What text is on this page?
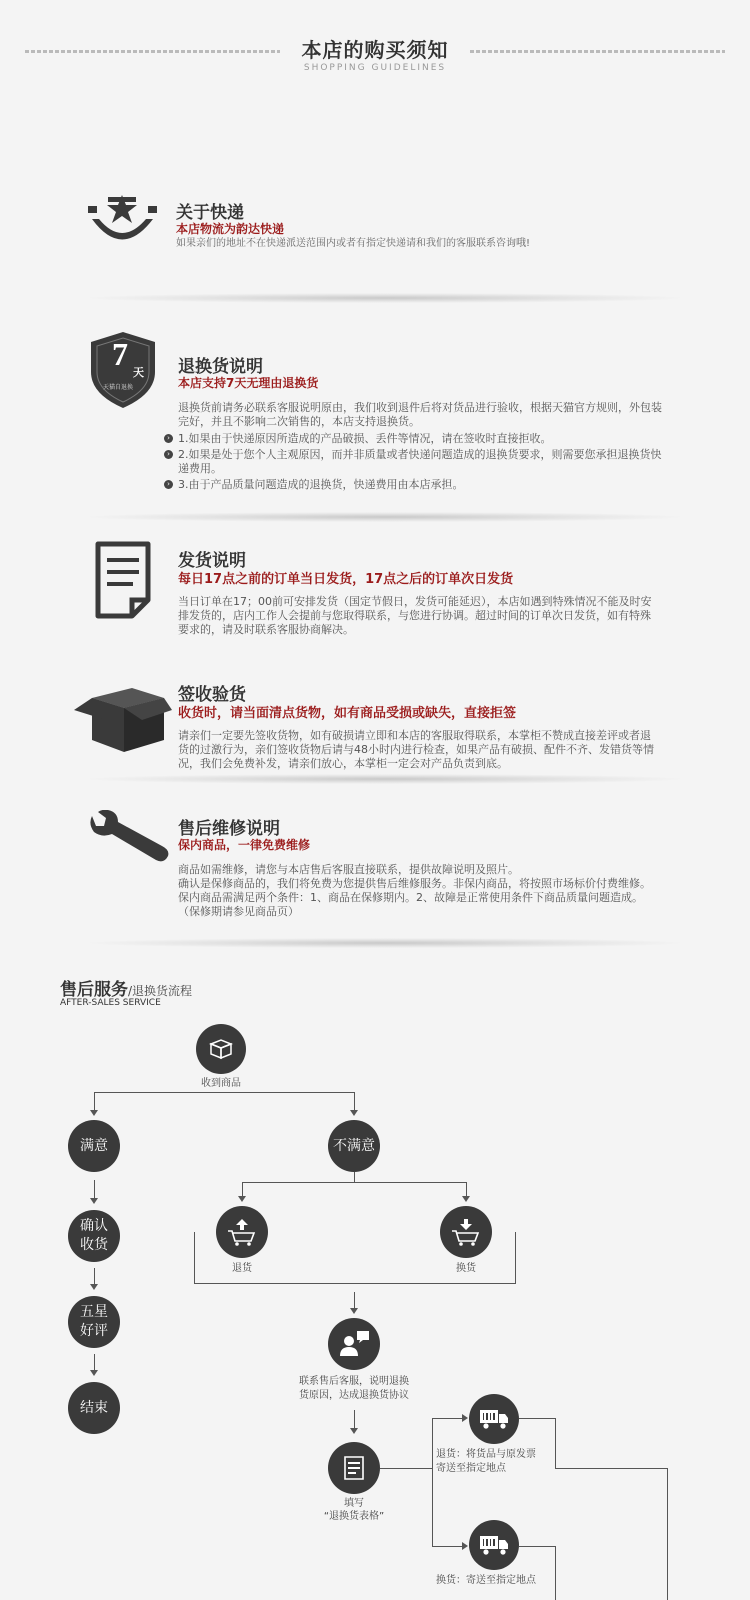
本店的购买须知
SHOPPING GUIDELINES
关于快递
本店物流为韵达快递
如果亲们的地址不在快递派送范围内或者有指定快递请和我们的客服联系咨询哦!
7
天
天猫自退换
退换货说明
本店支持7天无理由退换货
退换货前请务必联系客服说明原由，我们收到退件后将对货品进行验收，根据天猫官方规则，外包装
完好，并且不影响二次销售的，本店支持退换货。
› 1.如果由于快递原因所造成的产品破损、丢件等情况，请在签收时直接拒收。
› 2.如果是处于您个人主观原因，而并非质量或者快递问题造成的退换货要求，则需要您承担退换货快
递费用。
› 3.由于产品质量问题造成的退换货，快递费用由本店承担。
发货说明
每日17点之前的订单当日发货，17点之后的订单次日发货
当日订单在17；00前可安排发货（国定节假日，发货可能延迟），本店如遇到特殊情况不能及时安
排发货的，店内工作人会提前与您取得联系，与您进行协调。超过时间的订单次日发货，如有特殊
要求的，请及时联系客服协商解决。
签收验货
收货时，请当面清点货物，如有商品受损或缺失，直接拒签
请亲们一定要先签收货物，如有破损请立即和本店的客服取得联系，本掌柜不赞成直接差评或者退
货的过激行为，亲们签收货物后请与48小时内进行检查，如果产品有破损、配件不齐、发错货等情
况，我们会免费补发，请亲们放心，本掌柜一定会对产品负责到底。
售后维修说明
保内商品，一律免费维修
商品如需维修，请您与本店售后客服直接联系，提供故障说明及照片。
确认是保修商品的，我们将免费为您提供售后维修服务。非保内商品，将按照市场标价付费维修。
保内商品需满足两个条件：1、商品在保修期内。2、故障是正常使用条件下商品质量问题造成。
（保修期请参见商品页）
售后服务/退换货流程
AFTER-SALES SERVICE
收到商品
满意	不满意
确认
收货
五星
好评
结束
退货	换货
联系售后客服，说明退换
货原因，达成退换货协议
填写
“退换货表格”
退货：将货品与原发票
寄送至指定地点
换货：寄送至指定地点
